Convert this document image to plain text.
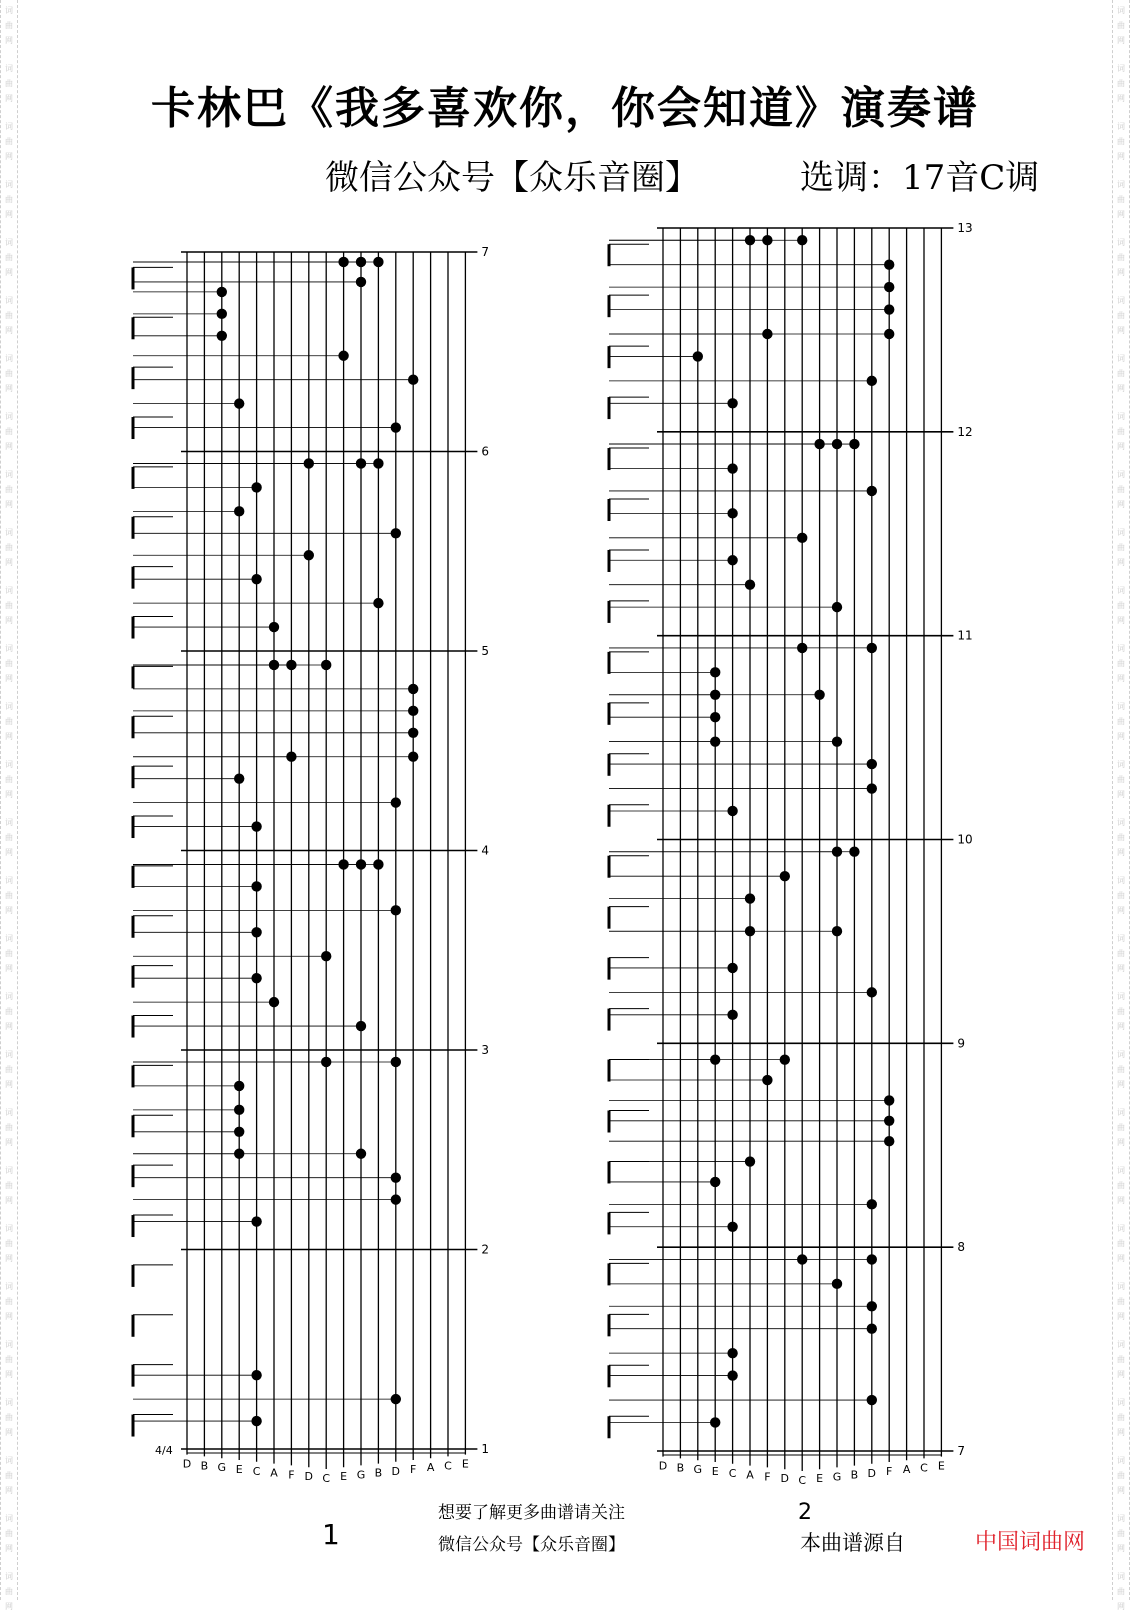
词
曲
网
词
曲
网
词
曲
网
词
曲
网
词
曲
网
词
曲
网
词
曲
网
词
曲
网
词
曲
网
词
曲
网
词
曲
网
词
曲
网
词
曲
网
词
曲
网
词
曲
网
词
曲
网
词
曲
网
词
曲
网
词
曲
网
词
曲
网
词
曲
网
词
曲
网
词
曲
网
词
曲
网
词
曲
网
词
曲
网
词
曲
网
词
曲
网
词
曲
网
词
曲
网
词
曲
网
词
曲
网
词
曲
网
词
曲
网
词
曲
网
词
曲
网
词
曲
网
词
曲
网
词
曲
网
词
曲
网
词
曲
网
词
曲
网
词
曲
网
词
曲
网
词
曲
网
词
曲
网
词
曲
网
词
曲
网
词
曲
网
词
曲
网
词
曲
网
词
曲
网
词
曲
网
词
曲
网
词
曲
网
词
曲
网
卡林巴《我多喜欢你，你会知道》演奏谱
微信公众号【众乐音圈】	选调：17音C调
D B G E C A F D C E G B D F A C E
1
2
3
4
5
6
7
4/4
D B G E C A F D C E G B D F A C E
7
8
9
10
11
12
13
1
2
想要了解更多曲谱请关注
微信公众号【众乐音圈】	本曲谱源自	中国词曲网
